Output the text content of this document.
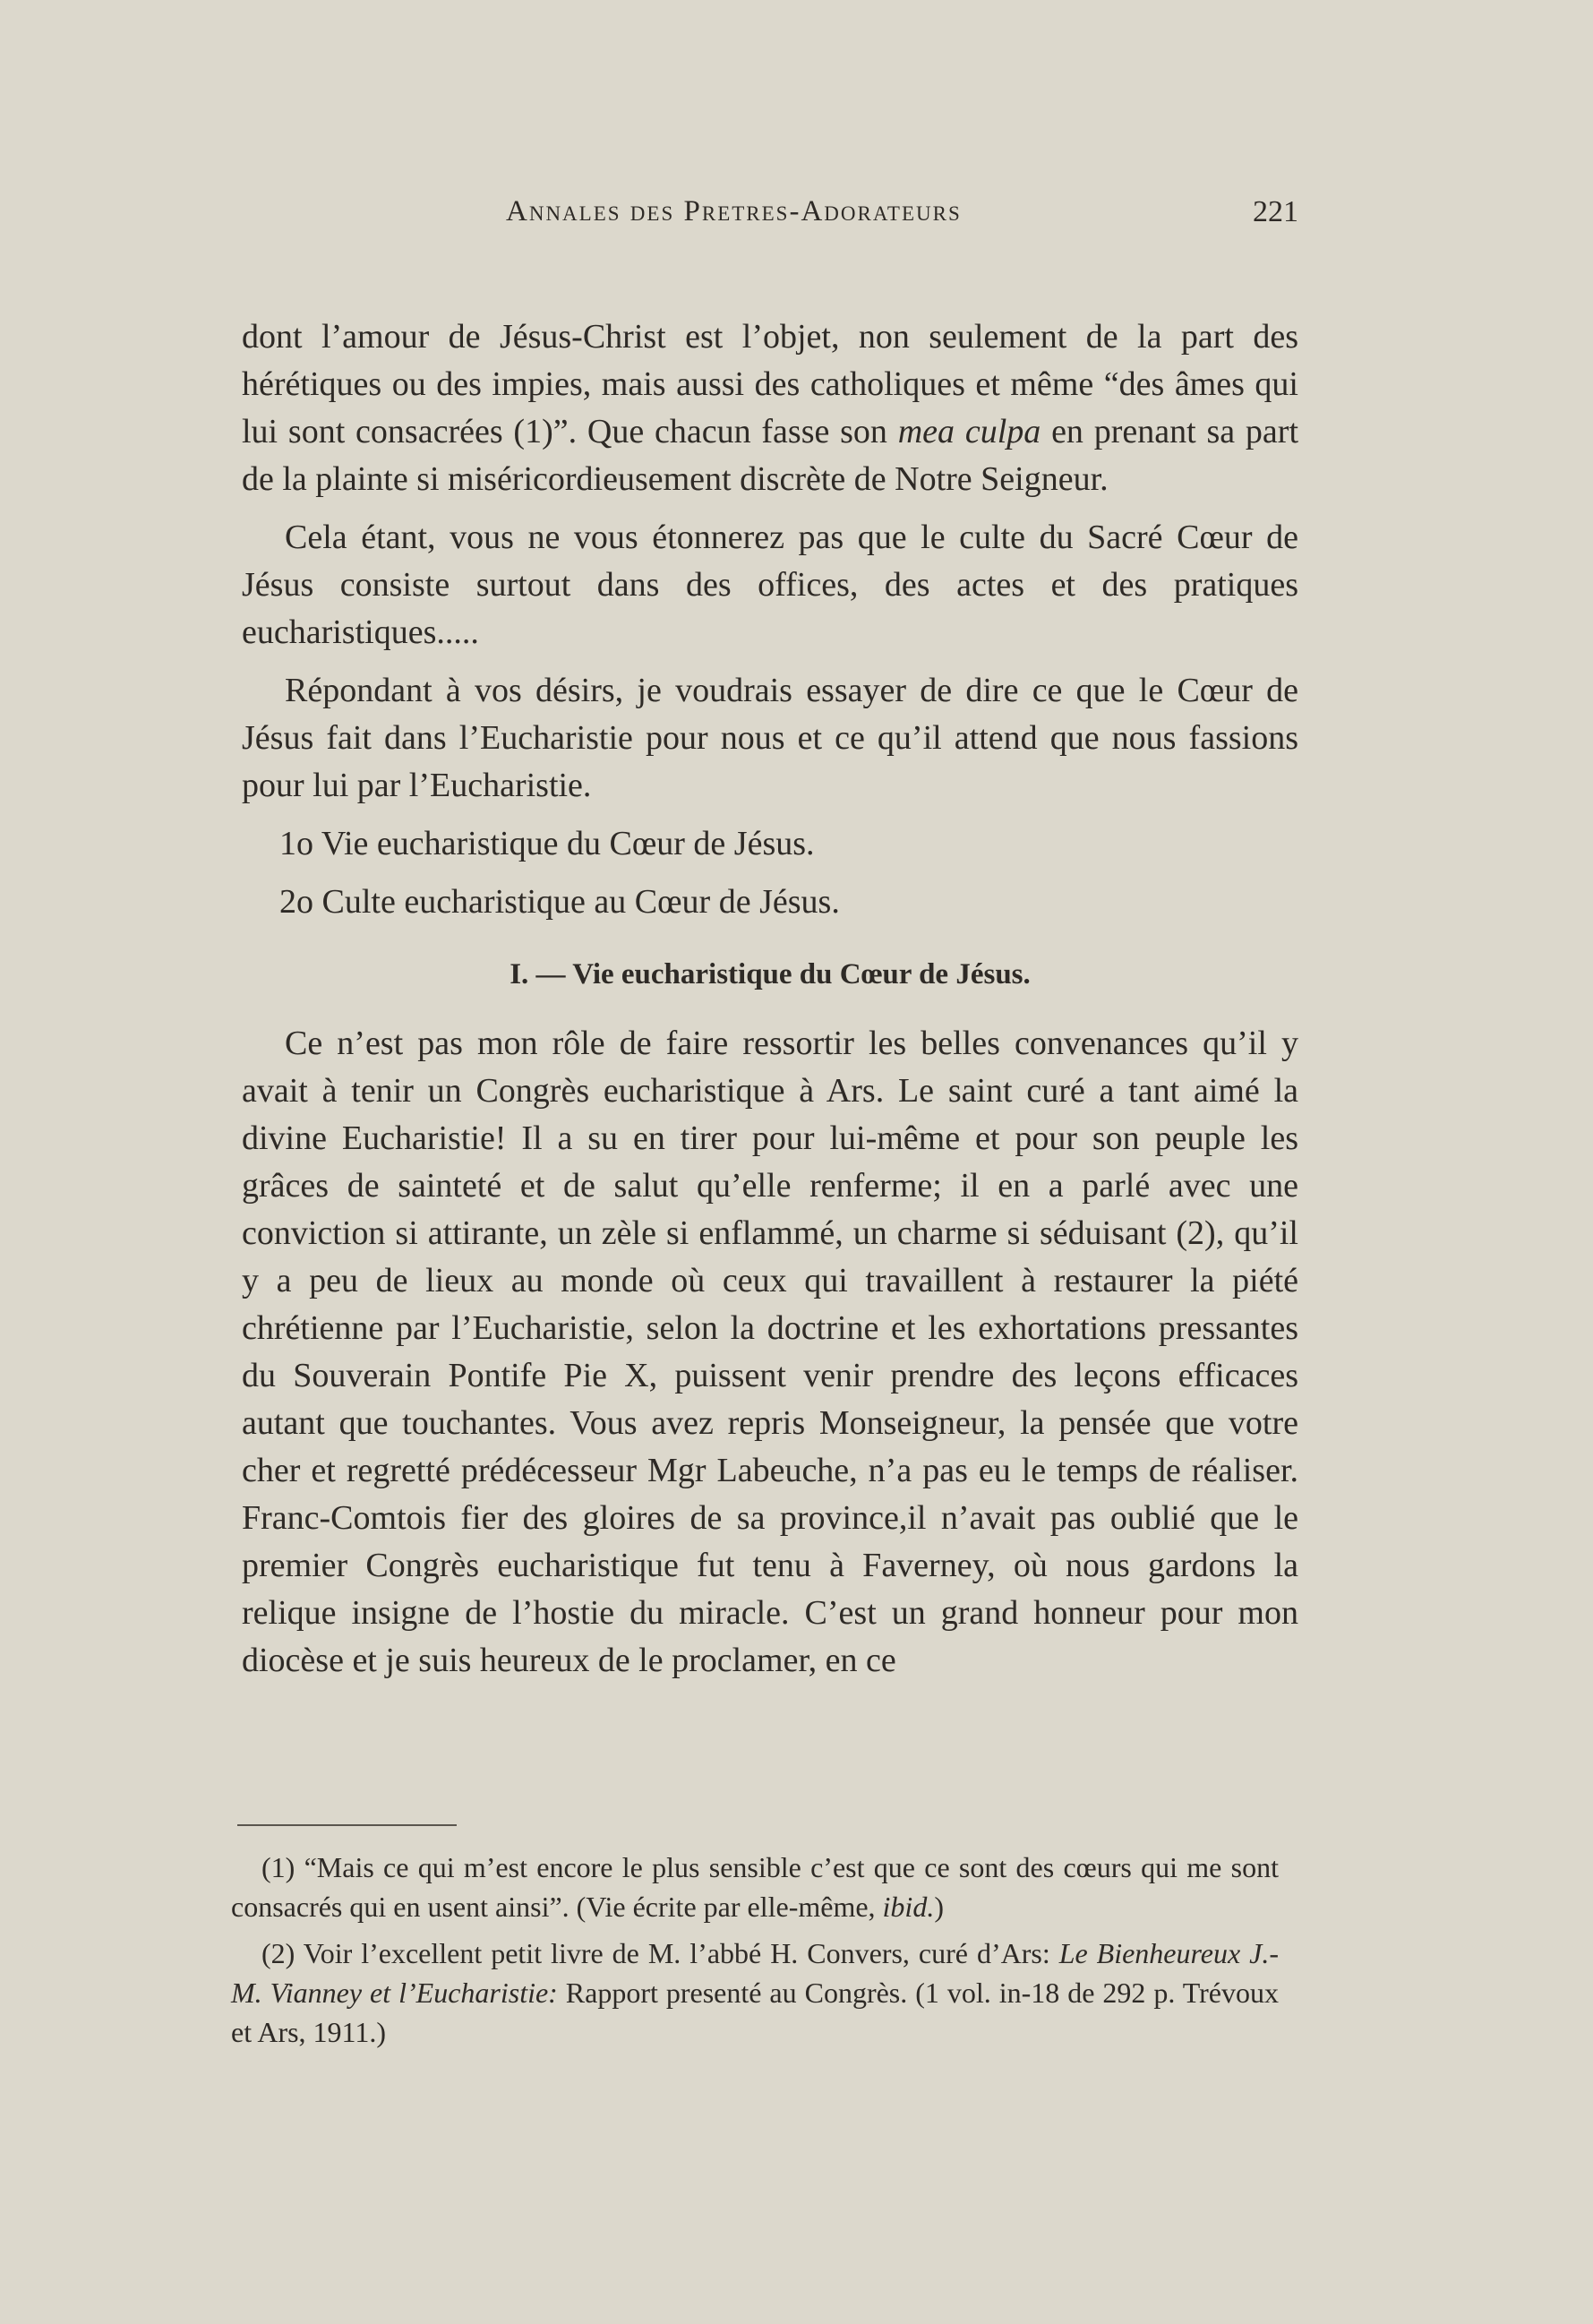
Annales des Pretres-Adorateurs	221

dont l’amour de Jésus-Christ est l’objet, non seulement de la part des hérétiques ou des impies, mais aussi des catholiques et même “des âmes qui lui sont consacrées (1)”. Que chacun fasse son mea culpa en prenant sa part de la plainte si miséricordieusement discrète de Notre Seigneur.

Cela étant, vous ne vous étonnerez pas que le culte du Sacré Cœur de Jésus consiste surtout dans des offices, des actes et des pratiques eucharistiques.....

Répondant à vos désirs, je voudrais essayer de dire ce que le Cœur de Jésus fait dans l’Eucharistie pour nous et ce qu’il attend que nous fassions pour lui par l’Eucharistie.

1o Vie eucharistique du Cœur de Jésus.

2o Culte eucharistique au Cœur de Jésus.

I. — Vie eucharistique du Cœur de Jésus.

Ce n’est pas mon rôle de faire ressortir les belles convenances qu’il y avait à tenir un Congrès eucharistique à Ars. Le saint curé a tant aimé la divine Eucharistie! Il a su en tirer pour lui-même et pour son peuple les grâces de sainteté et de salut qu’elle renferme; il en a parlé avec une conviction si attirante, un zèle si enflammé, un charme si séduisant (2), qu’il y a peu de lieux au monde où ceux qui travaillent à restaurer la piété chrétienne par l’Eucharistie, selon la doctrine et les exhortations pressantes du Souverain Pontife Pie X, puissent venir prendre des leçons efficaces autant que touchantes. Vous avez repris Monseigneur, la pensée que votre cher et regretté prédécesseur Mgr Labeuche, n’a pas eu le temps de réaliser. Franc-Comtois fier des gloires de sa province,il n’avait pas oublié que le premier Congrès eucharistique fut tenu à Faverney, où nous gardons la relique insigne de l’hostie du miracle. C’est un grand honneur pour mon diocèse et je suis heureux de le proclamer, en ce

(1) “Mais ce qui m’est encore le plus sensible c’est que ce sont des cœurs qui me sont consacrés qui en usent ainsi”. (Vie écrite par elle-même, ibid.)

(2) Voir l’excellent petit livre de M. l’abbé H. Convers, curé d’Ars: Le Bienheureux J.-M. Vianney et l’Eucharistie: Rapport presenté au Congrès. (1 vol. in-18 de 292 p. Trévoux et Ars, 1911.)
